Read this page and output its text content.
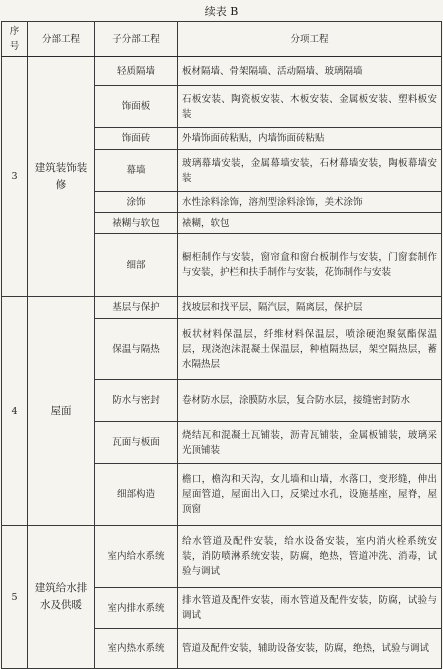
续表 B
序号	分部工程	子分部工程	分项工程
3	建筑装饰装修	轻质隔墙	板材隔墙、骨架隔墙、活动隔墙、玻璃隔墙
		饰面板	石板安装、陶瓷板安装、木板安装、金属板安装、塑料板安装
		饰面砖	外墙饰面砖粘贴，内墙饰面砖粘贴
		幕墙	玻璃幕墙安装，金属幕墙安装，石材幕墙安装，陶板幕墙安装
		涂饰	水性涂料涂饰，溶剂型涂料涂饰，美术涂饰
		裱糊与软包	裱糊，软包
		细部	橱柜制作与安装，窗帘盒和窗台板制作与安装，门窗套制作与安装，护栏和扶手制作与安装，花饰制作与安装
4	屋面	基层与保护	找坡层和找平层，隔汽层，隔离层，保护层
		保温与隔热	板状材料保温层，纤维材料保温层，喷涂硬泡聚氨酯保温层，现浇泡沫混凝土保温层，种植隔热层，架空隔热层，蓄水隔热层
		防水与密封	卷材防水层，涂膜防水层，复合防水层，接缝密封防水
		瓦面与板面	烧结瓦和混凝土瓦铺装，沥青瓦铺装，金属板铺装，玻璃采光顶铺装
		细部构造	檐口，檐沟和天沟，女儿墙和山墙，水落口，变形缝，伸出屋面管道，屋面出入口，反梁过水孔，设施基座，屋脊，屋顶窗
5	建筑给水排水及供暖	室内给水系统	给水管道及配件安装，给水设备安装，室内消火栓系统安装，消防喷淋系统安装，防腐，绝热，管道冲洗、消毒，试验与调试
		室内排水系统	排水管道及配件安装，雨水管道及配件安装，防腐，试验与调试
		室内热水系统	管道及配件安装，辅助设备安装，防腐，绝热，试验与调试
